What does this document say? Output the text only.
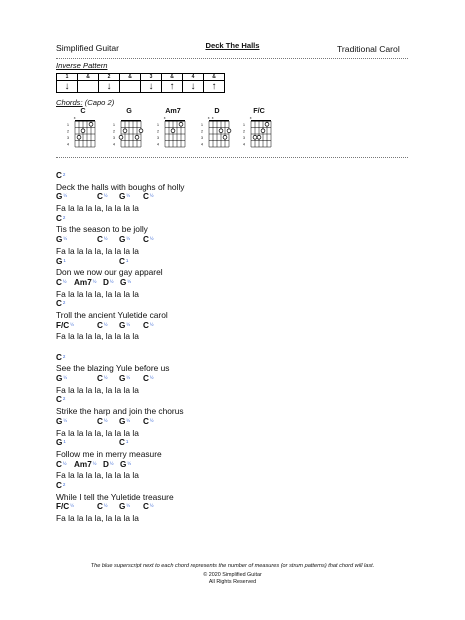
Simplified Guitar	Deck The Halls	Traditional Carol
Inverse Pattern
1	&	2	&	3	&	4	&
↓		↓		↓	↑	↓	↑
Chords: (Capo 2)
C
1
2
3
4
x
G
1
2
3
4
Am7
1
2
3
4
x
D
1
2
3
4
x x
F/C
1
2
3
4
x
$C^2$
Deck the halls with boughs of holly
$G^{\frac{1}{2}}$	$C^{\frac{1}{2}}$ $G^{\frac{1}{2}}$ $C^{\frac{1}{2}}$
Fa la la la la, la la la la
$C^2$
Tis the season to be jolly
$G^{\frac{1}{2}}$	$C^{\frac{1}{2}}$ $G^{\frac{1}{2}}$ $C^{\frac{1}{2}}$
Fa la la la la, la la la la
$G^1$	$C^1$
Don we now our gay apparel
$C^{\frac{1}{2}}$ $Am7^{\frac{1}{2}}$ $D^{\frac{1}{2}}$ $G^{\frac{1}{2}}$
Fa la la la la, la la la la
$C^2$
Troll the ancient Yuletide carol
$F/C^{\frac{1}{2}}$	$C^{\frac{1}{2}}$ $G^{\frac{1}{2}}$ $C^{\frac{1}{2}}$
Fa la la la la, la la la la
$C^2$
See the blazing Yule before us
$G^{\frac{1}{2}}$	$C^{\frac{1}{2}}$ $G^{\frac{1}{2}}$ $C^{\frac{1}{2}}$
Fa la la la la, la la la la
$C^2$
Strike the harp and join the chorus
$G^{\frac{1}{2}}$	$C^{\frac{1}{2}}$ $G^{\frac{1}{2}}$ $C^{\frac{1}{2}}$
Fa la la la la, la la la la
$G^1$	$C^1$
Follow me in merry measure
$C^{\frac{1}{2}}$ $Am7^{\frac{1}{2}}$ $D^{\frac{1}{2}}$ $G^{\frac{1}{2}}$
Fa la la la la, la la la la
$C^2$
While I tell the Yuletide treasure
$F/C^{\frac{1}{2}}$	$C^{\frac{1}{2}}$ $G^{\frac{1}{2}}$ $C^{\frac{1}{2}}$
Fa la la la la, la la la la
The blue superscript next to each chord represents the number of measures (or strum patterns) that chord will last.
© 2020 Simplified Guitar
All Rights Reserved
